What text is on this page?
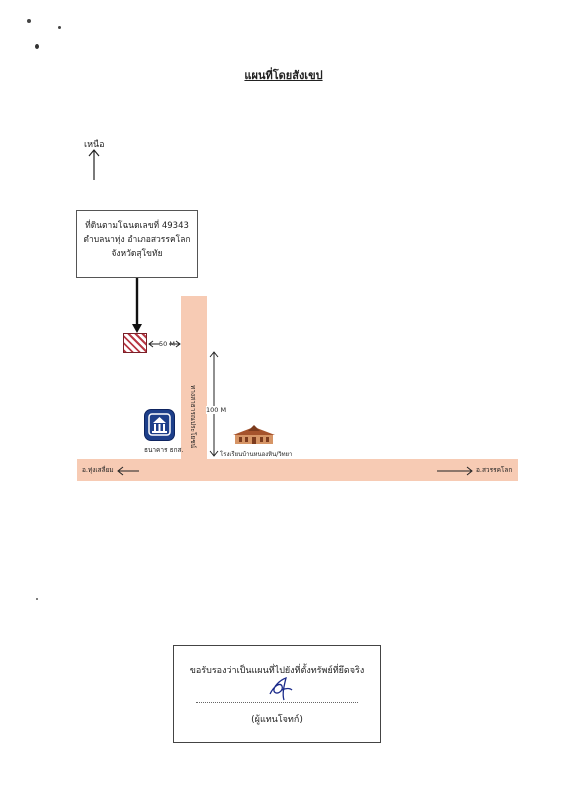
แผนที่โดยสังเขป
เหนือ
ที่ดินตามโฉนดเลขที่ 49343
ตำบลนาทุ่ง อำเภอสวรรคโลก
จังหวัดสุโขทัย
50 M
100 M
ธนาคาร ธกส.
โรงเรียนบ้านหนองหิน/วิทยา
อ.ทุ่งเสลี่ยม	อ.สวรรคโลก
ขอรับรองว่าเป็นแผนที่ไปยังที่ตั้งทรัพย์ที่ยึดจริง
(ผู้แทนโจทก์)
